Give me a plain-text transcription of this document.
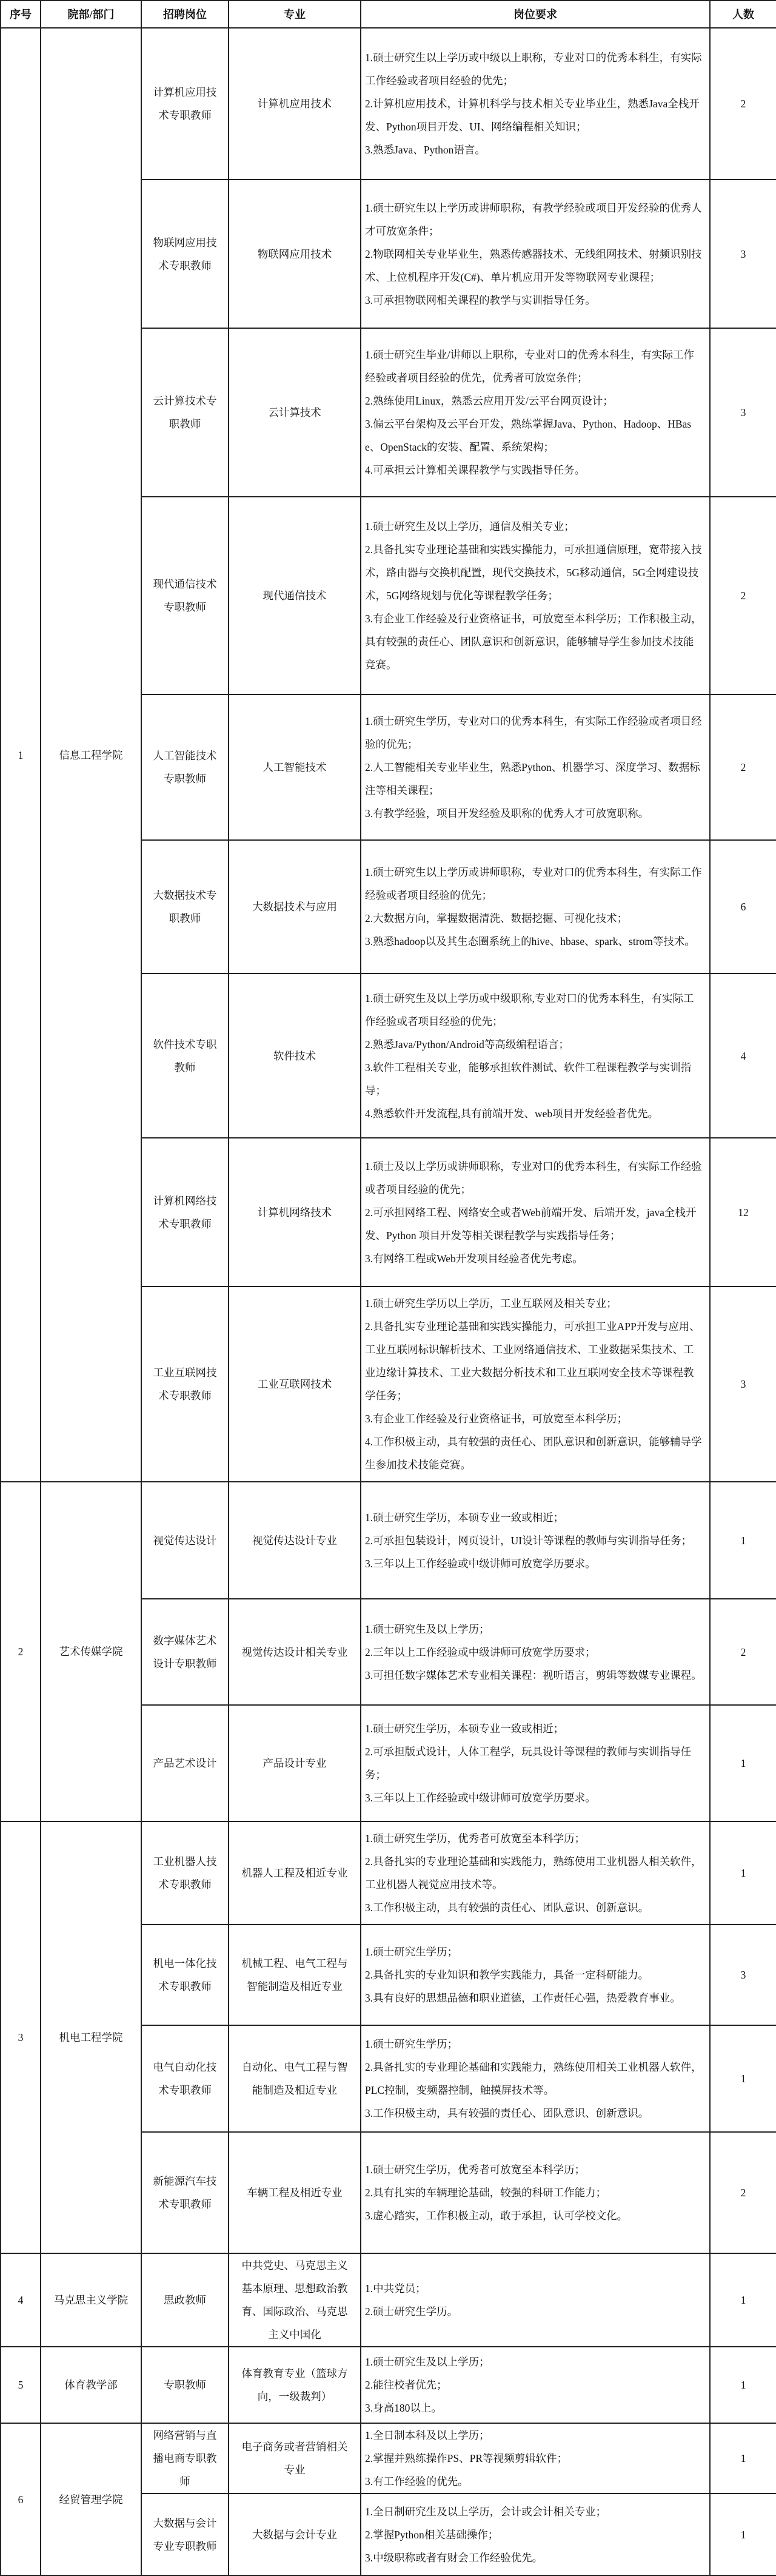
序号	院部/部门	招聘岗位	专业	岗位要求	人数
1	信息工程学院	计算机应用技术专职教师	计算机应用技术	1.硕士研究生以上学历或中级以上职称，专业对口的优秀本科生，有实际工作经验或者项目经验的优先；
2.计算机应用技术，计算机科学与技术相关专业毕业生，熟悉Java全栈开发、Python项目开发、UI、网络编程相关知识；
3.熟悉Java、Python语言。	2
		物联网应用技术专职教师	物联网应用技术	1.硕士研究生以上学历或讲师职称，有教学经验或项目开发经验的优秀人才可放宽条件；
2.物联网相关专业毕业生，熟悉传感器技术、无线组网技术、射频识别技术、上位机程序开发(C#)、单片机应用开发等物联网专业课程；
3.可承担物联网相关课程的教学与实训指导任务。	3
		云计算技术专职教师	云计算技术	1.硕士研究生毕业/讲师以上职称，专业对口的优秀本科生，有实际工作经验或者项目经验的优先，优秀者可放宽条件；
2.熟练使用Linux，熟悉云应用开发/云平台网页设计；
3.偏云平台架构及云平台开发，熟练掌握Java、Python、Hadoop、HBase、OpenStack的安装、配置、系统架构；
4.可承担云计算相关课程教学与实践指导任务。	3
		现代通信技术专职教师	现代通信技术	1.硕士研究生及以上学历，通信及相关专业；
2.具备扎实专业理论基础和实践实操能力，可承担通信原理，宽带接入技术，路由器与交换机配置，现代交换技术，5G移动通信，5G全网建设技术，5G网络规划与优化等课程教学任务；
3.有企业工作经验及行业资格证书，可放宽至本科学历；工作积极主动，具有较强的责任心、团队意识和创新意识，能够辅导学生参加技术技能竞赛。	2
		人工智能技术专职教师	人工智能技术	1.硕士研究生学历，专业对口的优秀本科生，有实际工作经验或者项目经验的优先；
2.人工智能相关专业毕业生，熟悉Python、机器学习、深度学习、数据标注等相关课程；
3.有教学经验，项目开发经验及职称的优秀人才可放宽职称。	2
		大数据技术专职教师	大数据技术与应用	1.硕士研究生以上学历或讲师职称，专业对口的优秀本科生，有实际工作经验或者项目经验的优先；
2.大数据方向，掌握数据清洗、数据挖掘、可视化技术；
3.熟悉hadoop以及其生态圈系统上的hive、hbase、spark、strom等技术。	6
		软件技术专职教师	软件技术	1.硕士研究生及以上学历或中级职称,专业对口的优秀本科生，有实际工作经验或者项目经验的优先；
2.熟悉Java/Python/Android等高级编程语言；
3.软件工程相关专业，能够承担软件测试、软件工程课程教学与实训指导；
4.熟悉软件开发流程,具有前端开发、web项目开发经验者优先。	4
		计算机网络技术专职教师	计算机网络技术	1.硕士及以上学历或讲师职称，专业对口的优秀本科生，有实际工作经验或者项目经验的优先；
2.可承担网络工程、网络安全或者Web前端开发、后端开发，java全栈开发、Python 项目开发等相关课程教学与实践指导任务；
3.有网络工程或Web开发项目经验者优先考虑。	12
		工业互联网技术专职教师	工业互联网技术	1.硕士研究生学历以上学历，工业互联网及相关专业；
2.具备扎实专业理论基础和实践实操能力，可承担工业APP开发与应用、工业互联网标识解析技术、工业网络通信技术、工业数据采集技术、工业边缘计算技术、工业大数据分析技术和工业互联网安全技术等课程教学任务；
3.有企业工作经验及行业资格证书，可放宽至本科学历；
4.工作积极主动，具有较强的责任心、团队意识和创新意识，能够辅导学生参加技术技能竞赛。	3
2	艺术传媒学院	视觉传达设计	视觉传达设计专业	1.硕士研究生学历，本硕专业一致或相近；
2.可承担包装设计，网页设计，UI设计等课程的教师与实训指导任务；
3.三年以上工作经验或中级讲师可放宽学历要求。	1
		数字媒体艺术设计专职教师	视觉传达设计相关专业	1.硕士研究生及以上学历；
2.三年以上工作经验或中级讲师可放宽学历要求；
3.可担任数字媒体艺术专业相关课程：视听语言，剪辑等数媒专业课程。	2
		产品艺术设计	产品设计专业	1.硕士研究生学历，本硕专业一致或相近；
2.可承担版式设计，人体工程学，玩具设计等课程的教师与实训指导任务；
3.三年以上工作经验或中级讲师可放宽学历要求。	1
3	机电工程学院	工业机器人技术专职教师	机器人工程及相近专业	1.硕士研究生学历，优秀者可放宽至本科学历；
2.具备扎实的专业理论基础和实践能力，熟练使用工业机器人相关软件，工业机器人视觉应用技术等。
3.工作积极主动，具有较强的责任心、团队意识、创新意识。	1
		机电一体化技术专职教师	机械工程、电气工程与智能制造及相近专业	1.硕士研究生学历；
2.具备扎实的专业知识和教学实践能力，具备一定科研能力。
3.具有良好的思想品德和职业道德，工作责任心强，热爱教育事业。	3
		电气自动化技术专职教师	自动化、电气工程与智能制造及相近专业	1.硕士研究生学历；
2.具备扎实的专业理论基础和实践能力，熟练使用相关工业机器人软件，PLC控制，变频器控制，触摸屏技术等。
3.工作积极主动，具有较强的责任心、团队意识、创新意识。	1
		新能源汽车技术专职教师	车辆工程及相近专业	1.硕士研究生学历，优秀者可放宽至本科学历；
2.具有扎实的车辆理论基础，较强的科研工作能力；
3.虚心踏实，工作积极主动，敢于承担，认可学校文化。	2
4	马克思主义学院	思政教师	中共党史、马克思主义基本原理、思想政治教育、国际政治、马克思主义中国化	1.中共党员；
2.硕士研究生学历。	1
5	体育教学部	专职教师	体育教育专业（篮球方向，一级裁判）	1.硕士研究生及以上学历；
2.能往校者优先；
3.身高180以上。	1
6	经贸管理学院	网络营销与直播电商专职教师	电子商务或者营销相关专业	1.全日制本科及以上学历；
2.掌握并熟练操作PS、PR等视频剪辑软件；
3.有工作经验的优先。	1
		大数据与会计专业专职教师	大数据与会计专业	1.全日制研究生及以上学历，会计或会计相关专业；
2.掌握Python相关基础操作；
3.中级职称或者有财会工作经验优先。	1
